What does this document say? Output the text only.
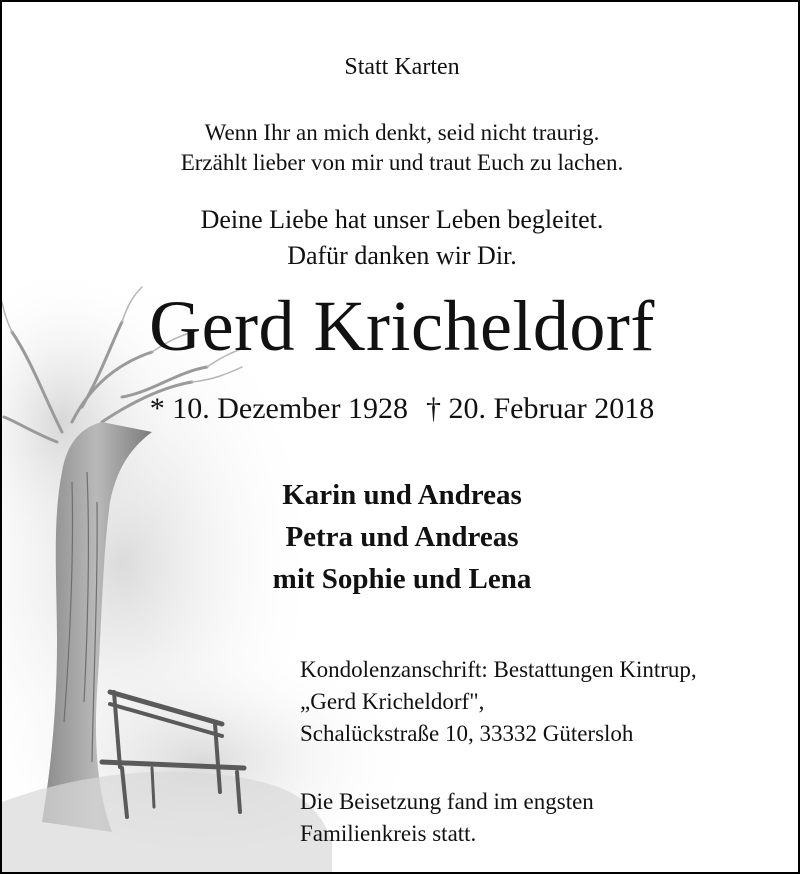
Statt Karten

Wenn Ihr an mich denkt, seid nicht traurig.
Erzählt lieber von mir und traut Euch zu lachen.

Deine Liebe hat unser Leben begleitet.
Dafür danken wir Dir.

Gerd Kricheldorf

* 10. Dezember 1928 † 20. Februar 2018

Karin und Andreas
Petra und Andreas
mit Sophie und Lena

Kondolenzanschrift: Bestattungen Kintrup,
„Gerd Kricheldorf",
Schalückstraße 10, 33332 Gütersloh

Die Beisetzung fand im engsten
Familienkreis statt.
